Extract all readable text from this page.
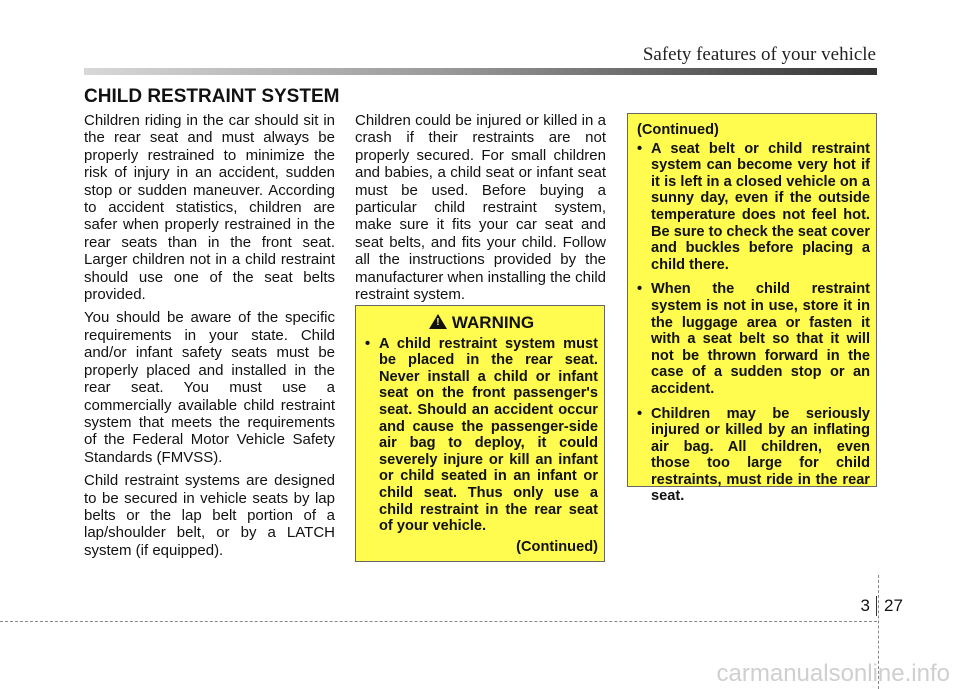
Safety features of your vehicle
CHILD RESTRAINT SYSTEM

Children riding in the car should sit in the rear seat and must always be properly restrained to minimize the risk of injury in an accident, sudden stop or sudden maneuver. According to accident statistics, children are safer when properly restrained in the rear seats than in the front seat. Larger children not in a child restraint should use one of the seat belts provided.

You should be aware of the specific requirements in your state. Child and/or infant safety seats must be properly placed and installed in the rear seat. You must use a commercially available child restraint system that meets the requirements of the Federal Motor Vehicle Safety Standards (FMVSS).

Child restraint systems are designed to be secured in vehicle seats by lap belts or the lap belt portion of a lap/shoulder belt, or by a LATCH system (if equipped).

Children could be injured or killed in a crash if their restraints are not properly secured. For small children and babies, a child seat or infant seat must be used. Before buying a particular child restraint system, make sure it fits your car seat and seat belts, and fits your child. Follow all the instructions provided by the manufacturer when installing the child restraint system.

!WARNING
• A child restraint system must be placed in the rear seat. Never install a child or infant seat on the front passenger's seat. Should an accident occur and cause the passenger-side air bag to deploy, it could severely injure or kill an infant or child seated in an infant or child seat. Thus only use a child restraint in the rear seat of your vehicle.
(Continued)
(Continued)
• A seat belt or child restraint system can become very hot if it is left in a closed vehicle on a sunny day, even if the outside temperature does not feel hot. Be sure to check the seat cover and buckles before placing a child there.
• When the child restraint system is not in use, store it in the luggage area or fasten it with a seat belt so that it will not be thrown forward in the case of a sudden stop or an accident.
• Children may be seriously injured or killed by an inflating air bag. All children, even those too large for child restraints, must ride in the rear seat.
3 27
carmanualsonline.info
